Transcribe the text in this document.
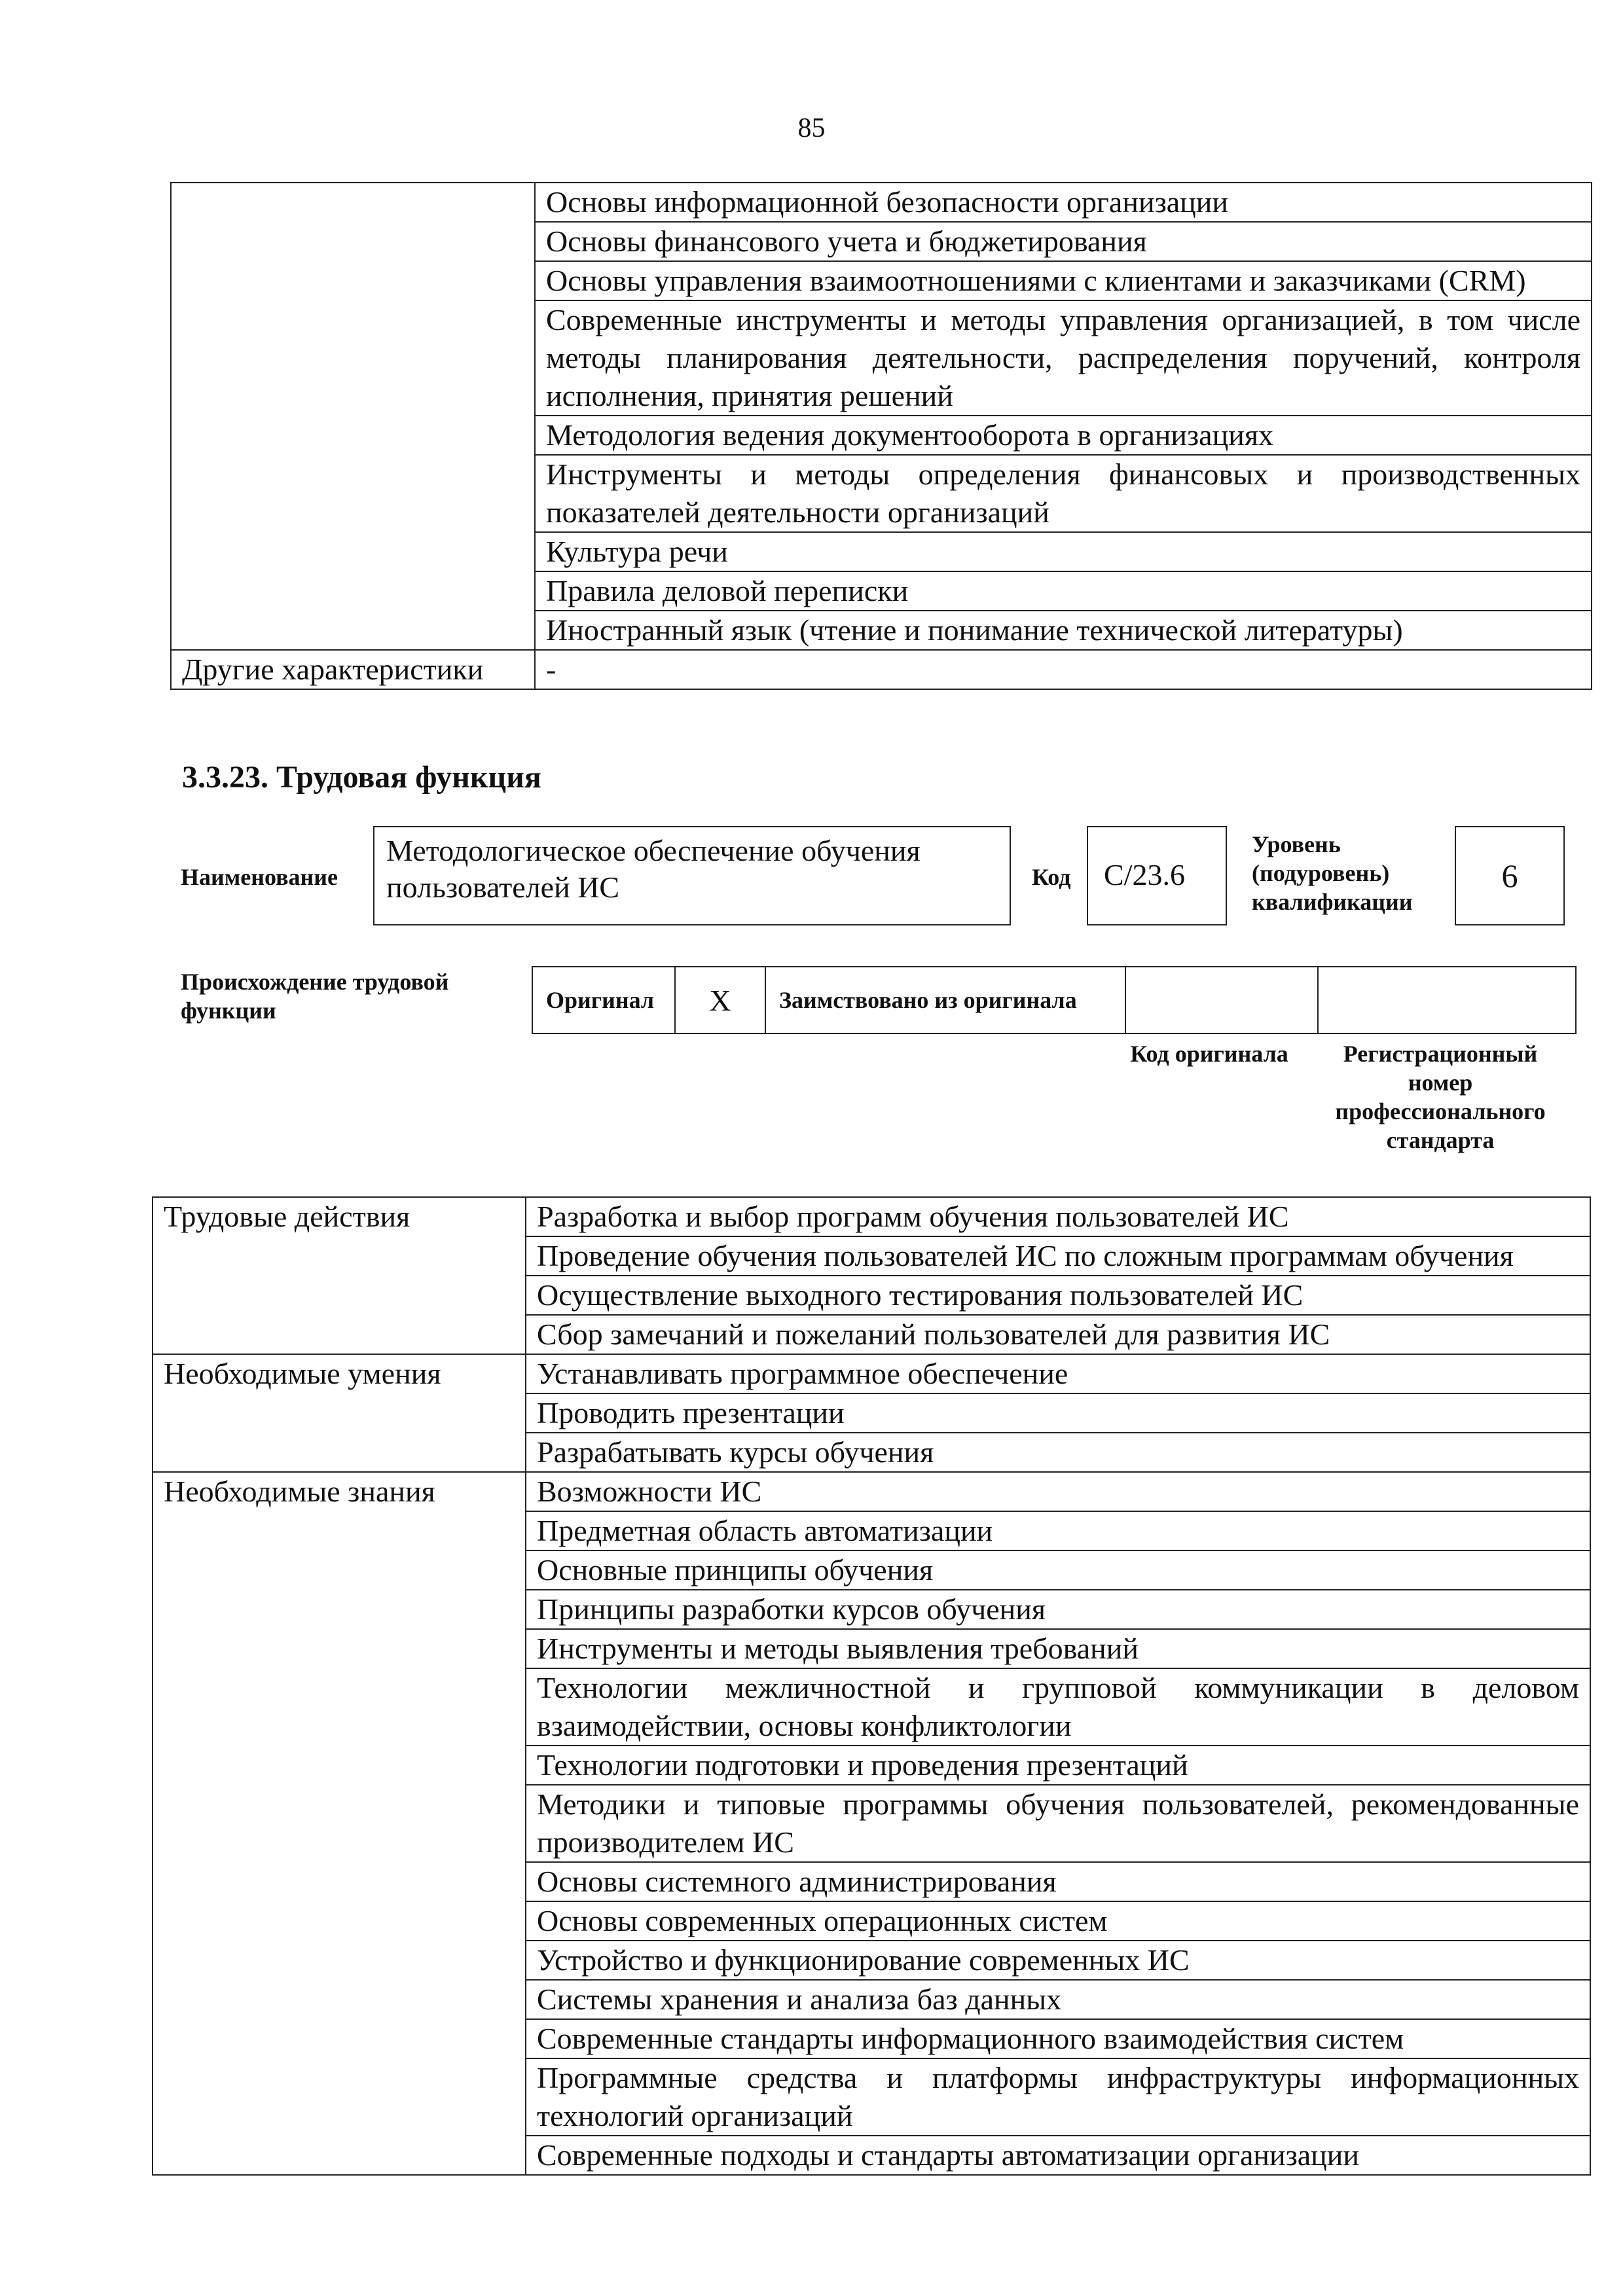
85
	Основы информационной безопасности организации
	Основы финансового учета и бюджетирования
	Основы управления взаимоотношениями с клиентами и заказчиками (CRM)
	Современные инструменты и методы управления организацией, в том числе методы планирования деятельности, распределения поручений, контроля исполнения, принятия решений
	Методология ведения документооборота в организациях
	Инструменты и методы определения финансовых и производственных показателей деятельности организаций
	Культура речи
	Правила деловой переписки
	Иностранный язык (чтение и понимание технической литературы)
Другие характеристики	-
3.3.23. Трудовая функция
Наименование
Методологическое обеспечение обучения пользователей ИС	Код	C/23.6
Уровень (подуровень) квалификации
6
Происхождение трудовой функции	Оригинал	X	Заимствовано из оригинала		
Код оригинала	Регистрационный номер профессионального стандарта
Трудовые действия	Разработка и выбор программ обучения пользователей ИС
	Проведение обучения пользователей ИС по сложным программам обучения
	Осуществление выходного тестирования пользователей ИС
	Сбор замечаний и пожеланий пользователей для развития ИС
Необходимые умения	Устанавливать программное обеспечение
	Проводить презентации
	Разрабатывать курсы обучения
Необходимые знания	Возможности ИС
	Предметная область автоматизации
	Основные принципы обучения
	Принципы разработки курсов обучения
	Инструменты и методы выявления требований
	Технологии межличностной и групповой коммуникации в деловом взаимодействии, основы конфликтологии
	Технологии подготовки и проведения презентаций
	Методики и типовые программы обучения пользователей, рекомендованные производителем ИС
	Основы системного администрирования
	Основы современных операционных систем
	Устройство и функционирование современных ИС
	Системы хранения и анализа баз данных
	Современные стандарты информационного взаимодействия систем
	Программные средства и платформы инфраструктуры информационных технологий организаций
	Современные подходы и стандарты автоматизации организации
